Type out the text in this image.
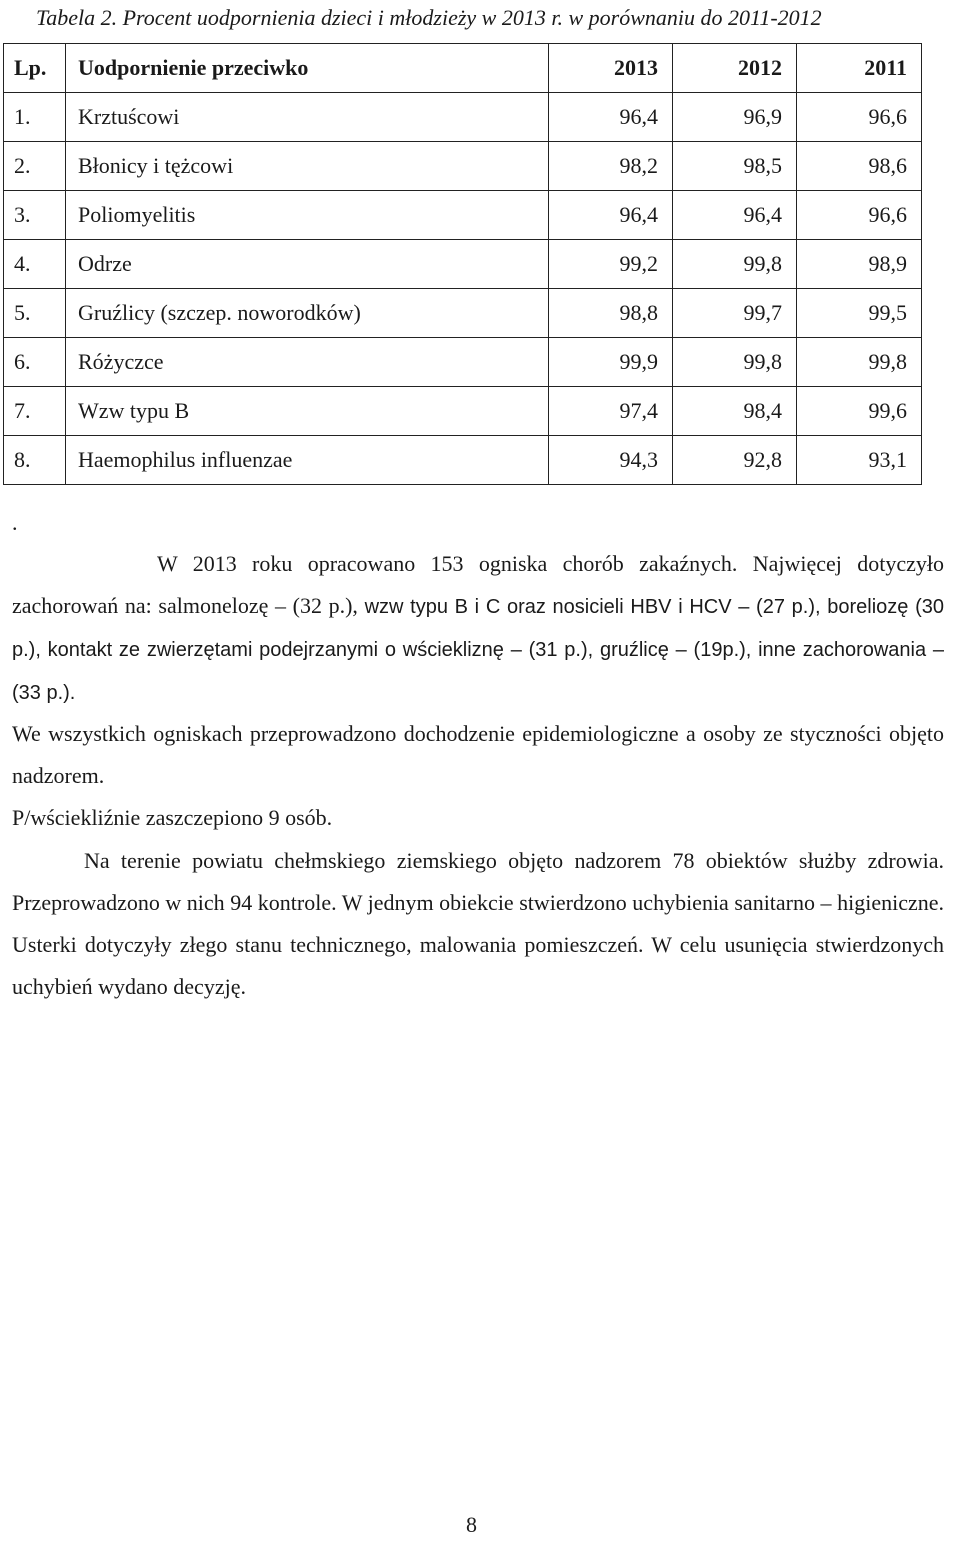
Tabela 2. Procent uodpornienia dzieci i młodzieży w 2013 r. w porównaniu do 2011-2012
Lp.	Uodpornienie przeciwko	2013	2012	2011
1.	Krztuścowi	96,4	96,9	96,6
2.	Błonicy i tężcowi	98,2	98,5	98,6
3.	Poliomyelitis	96,4	96,4	96,6
4.	Odrze	99,2	99,8	98,9
5.	Gruźlicy (szczep. noworodków)	98,8	99,7	99,5
6.	Różyczce	99,9	99,8	99,8
7.	Wzw typu B	97,4	98,4	99,6
8.	Haemophilus influenzae	94,3	92,8	93,1
.
W 2013 roku opracowano 153 ogniska chorób zakaźnych. Najwięcej dotyczyło zachorowań na: salmonelozę – (32 p.), wzw typu B i C oraz nosicieli HBV i HCV – (27 p.), boreliozę (30 p.), kontakt ze zwierzętami podejrzanymi o wściekliznę – (31 p.), gruźlicę – (19p.), inne zachorowania – (33 p.).
We wszystkich ogniskach przeprowadzono dochodzenie epidemiologiczne a osoby ze styczności objęto nadzorem.
P/wściekliźnie zaszczepiono 9 osób.
Na terenie powiatu chełmskiego ziemskiego objęto nadzorem 78 obiektów służby zdrowia. Przeprowadzono w nich 94 kontrole. W jednym obiekcie stwierdzono uchybienia sanitarno – higieniczne. Usterki dotyczyły złego stanu technicznego, malowania pomieszczeń. W celu usunięcia stwierdzonych uchybień wydano decyzję.
8
